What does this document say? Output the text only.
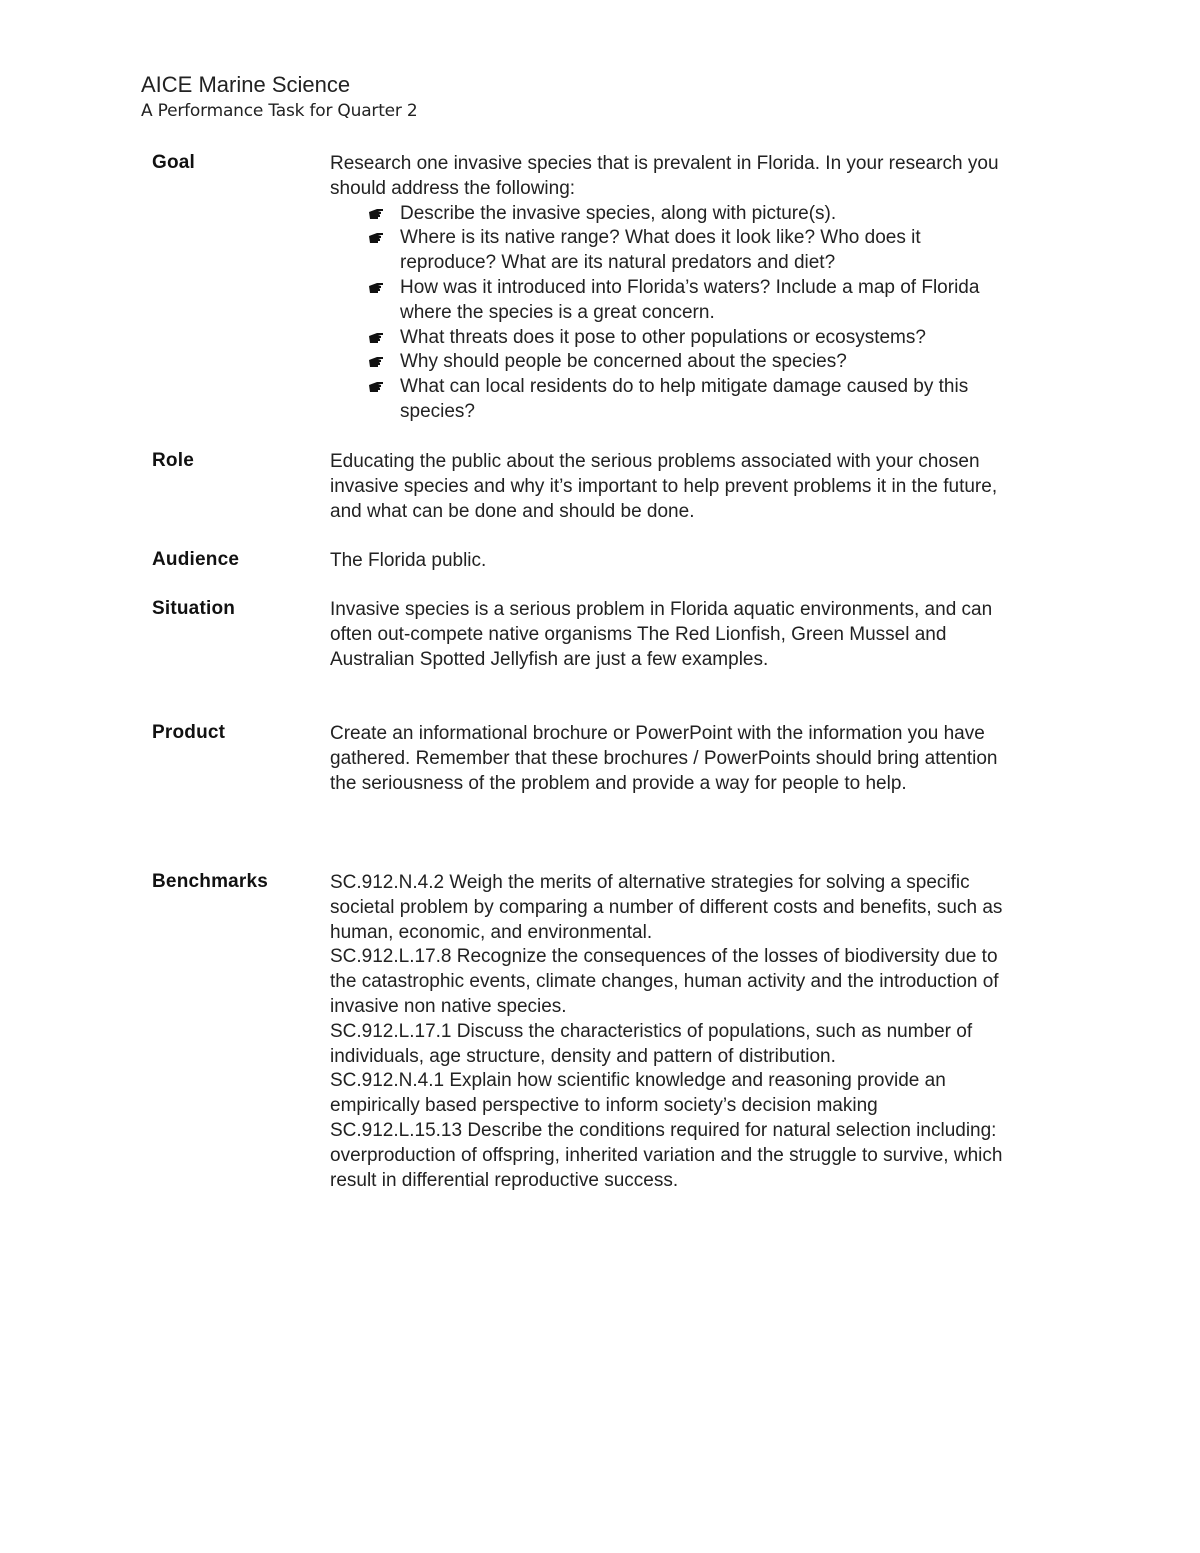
AICE Marine Science
A Performance Task for Quarter 2
Goal	Research one invasive species that is prevalent in Florida. In your research you should address the following:

Describe the invasive species, along with picture(s).
Where is its native range? What does it look like? Who does it reproduce? What are its natural predators and diet?
How was it introduced into Florida’s waters? Include a map of Florida where the species is a great concern.
What threats does it pose to other populations or ecosystems?
Why should people be concerned about the species?
What can local residents do to help mitigate damage caused by this species?
Role	Educating the public about the serious problems associated with your chosen invasive species and why it’s important to help prevent problems it in the future, and what can be done and should be done.
Audience	The Florida public.
Situation	Invasive species is a serious problem in Florida aquatic environments, and can often out-compete native organisms The Red Lionfish, Green Mussel and Australian Spotted Jellyfish are just a few examples.
Product	Create an informational brochure or PowerPoint with the information you have gathered. Remember that these brochures / PowerPoints should bring attention the seriousness of the problem and provide a way for people to help.
Benchmarks	SC.912.N.4.2 Weigh the merits of alternative strategies for solving a specific societal problem by comparing a number of different costs and benefits, such as human, economic, and environmental.

SC.912.L.17.8 Recognize the consequences of the losses of biodiversity due to the catastrophic events, climate changes, human activity and the introduction of invasive non native species.

SC.912.L.17.1 Discuss the characteristics of populations, such as number of individuals, age structure, density and pattern of distribution.

SC.912.N.4.1 Explain how scientific knowledge and reasoning provide an empirically based perspective to inform society’s decision making

SC.912.L.15.13 Describe the conditions required for natural selection including: overproduction of offspring, inherited variation and the struggle to survive, which result in differential reproductive success.
